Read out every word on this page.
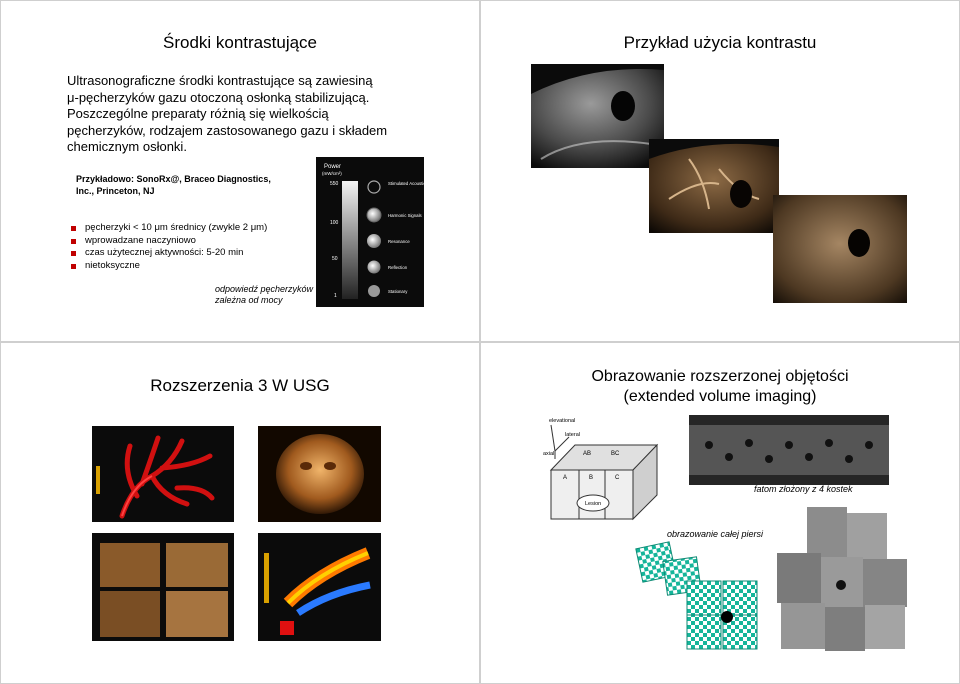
Środki kontrastujące
Ultrasonograficzne środki kontrastujące są zawiesiną
μ-pęcherzyków gazu otoczoną osłonką stabilizującą.
Poszczególne preparaty różnią się wielkością
pęcherzyków, rodzajem zastosowanego gazu i składem
chemicznym osłonki.
Przykładowo: SonoRx@, Braceo Diagnostics,
Inc., Princeton, NJ
pęcherzyki < 10 μm średnicy (zwykle 2 μm)
wprowadzane naczyniowo
czas użytecznej aktywności: 5-20 min
nietoksyczne
odpowiedź pęcherzyków
zależna od mocy
Power
(mW/cm²)
550
100
50
1
Stimulated Acoustic Emission
Harmonic Signals
Resonance
Reflection
Stationary
Przykład użycia kontrastu
Rozszerzenia 3 W USG	Obrazowanie rozszerzonej objętości
(extended volume imaging)
elevational
lateral
axial	AB	BC
A	B	C
Lesion
fatom złożony z 4 kostek
obrazowanie całej piersi
